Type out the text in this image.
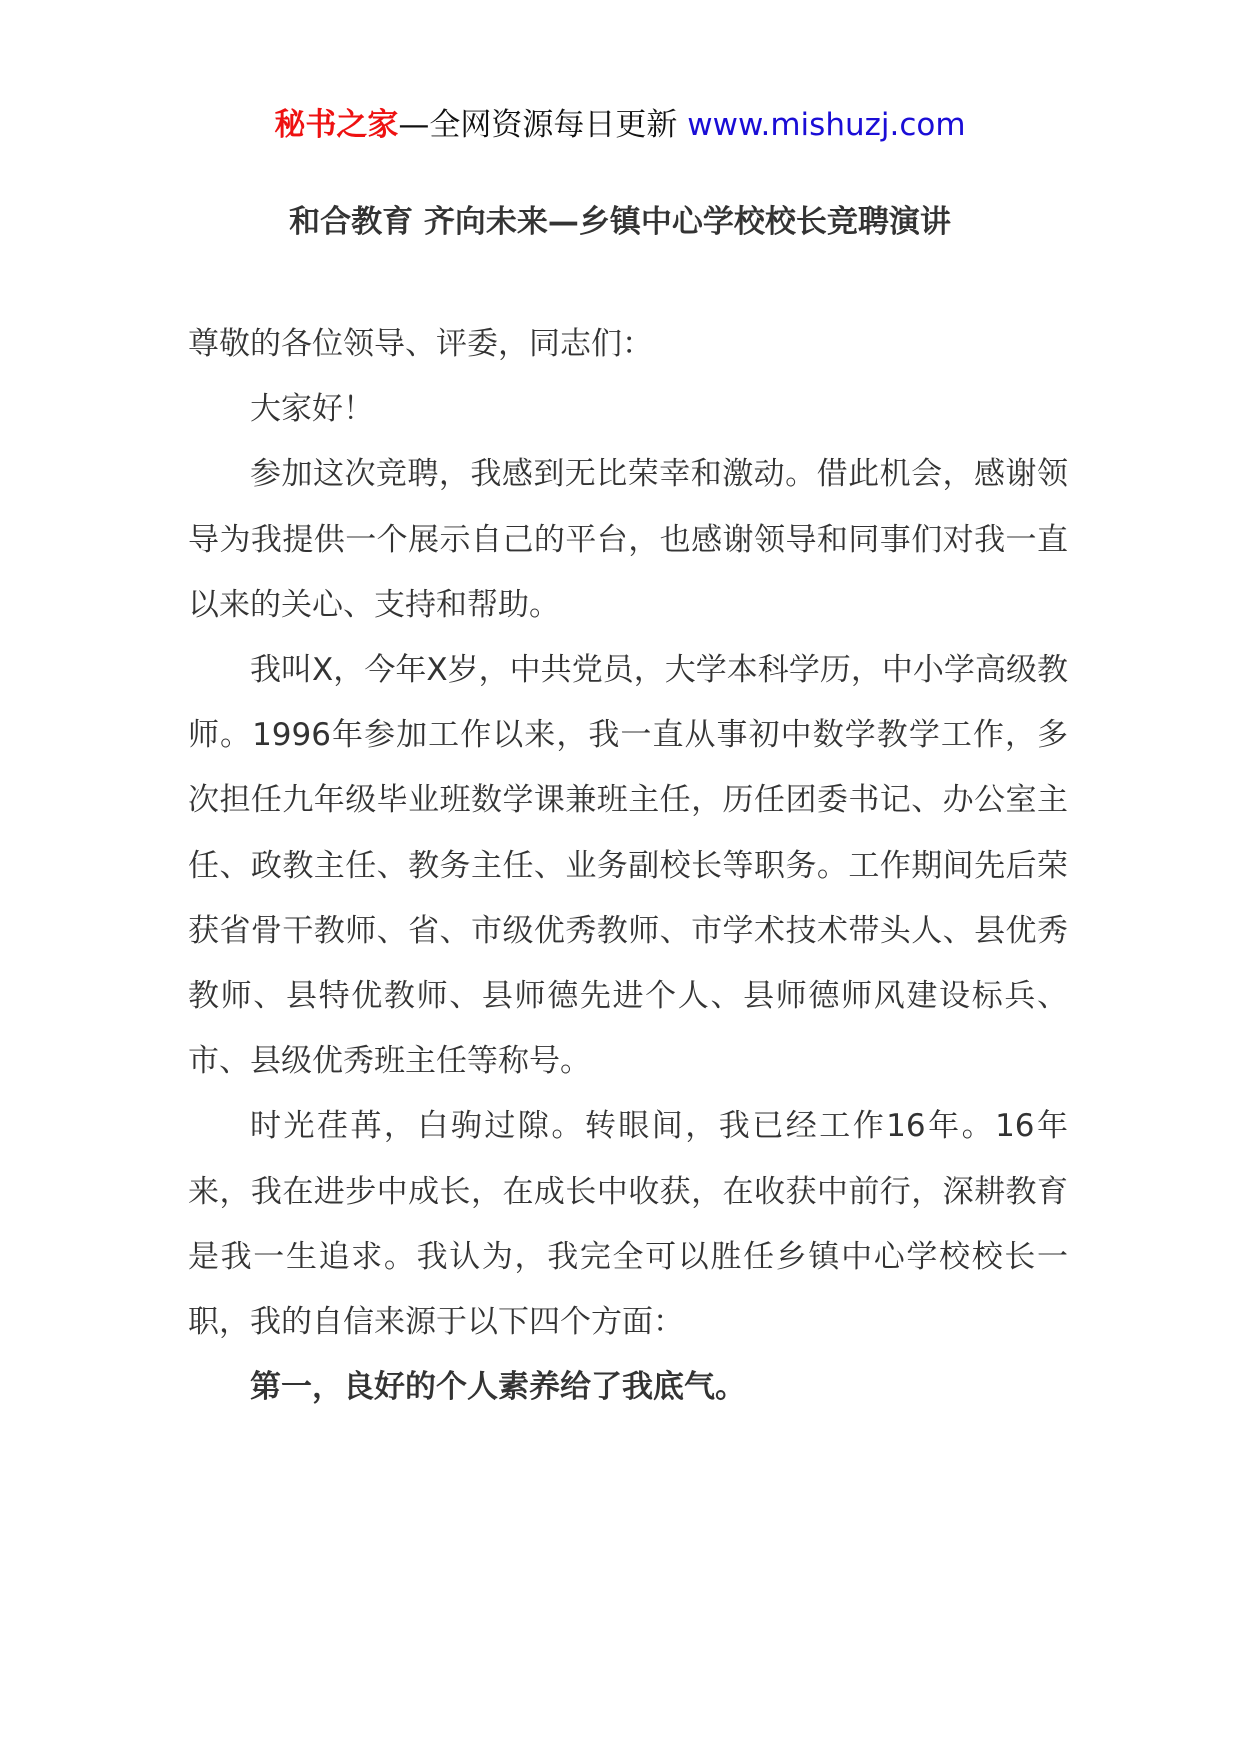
秘书之家—全网资源每日更新 www.mishuzj.com
和合教育 齐向未来—乡镇中心学校校长竞聘演讲

尊敬的各位领导、评委，同志们：

大家好！

参加这次竞聘，我感到无比荣幸和激动。借此机会，感谢领导为我提供一个展示自己的平台，也感谢领导和同事们对我一直以来的关心、支持和帮助。

我叫X，今年X岁，中共党员，大学本科学历，中小学高级教师。1996年参加工作以来，我一直从事初中数学教学工作，多次担任九年级毕业班数学课兼班主任，历任团委书记、办公室主任、政教主任、教务主任、业务副校长等职务。工作期间先后荣获省骨干教师、省、市级优秀教师、市学术技术带头人、县优秀教师、县特优教师、县师德先进个人、县师德师风建设标兵、市、县级优秀班主任等称号。

时光荏苒，白驹过隙。转眼间，我已经工作16年。16年来，我在进步中成长，在成长中收获，在收获中前行，深耕教育是我一生追求。我认为，我完全可以胜任乡镇中心学校校长一职，我的自信来源于以下四个方面：

第一，良好的个人素养给了我底气。
